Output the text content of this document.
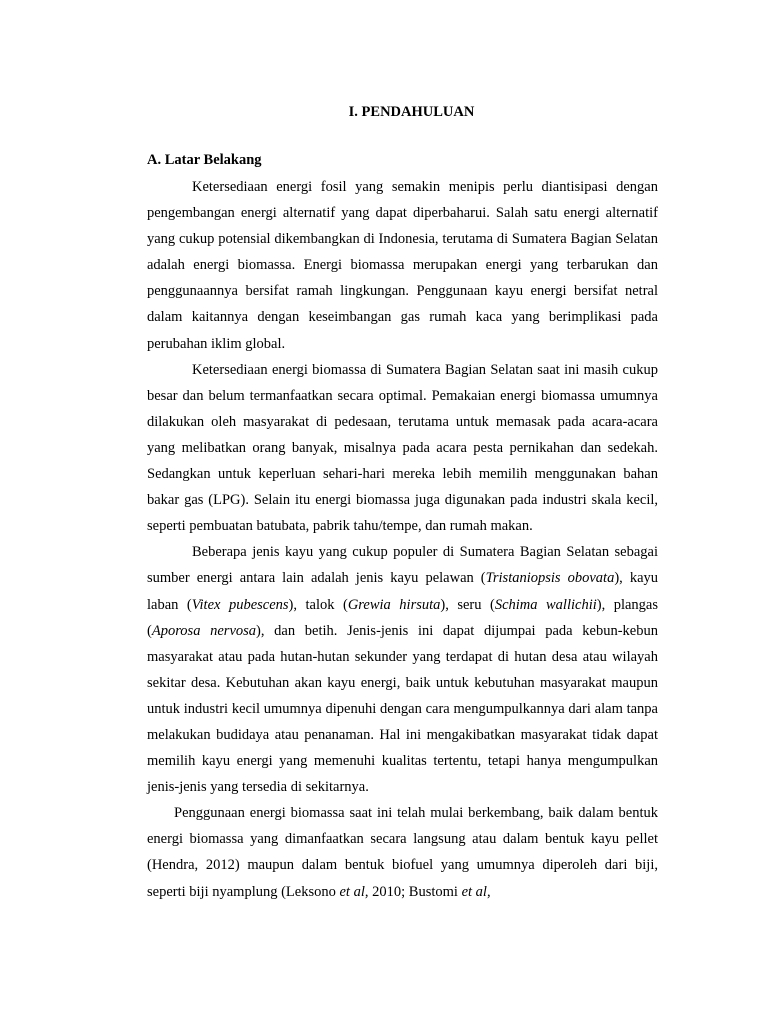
I. PENDAHULUAN
A. Latar Belakang

Ketersediaan energi fosil yang semakin menipis perlu diantisipasi dengan pengembangan energi alternatif yang dapat diperbaharui. Salah satu energi alternatif yang cukup potensial dikembangkan di Indonesia, terutama di Sumatera Bagian Selatan adalah energi biomassa. Energi biomassa merupakan energi yang terbarukan dan penggunaannya bersifat ramah lingkungan. Penggunaan kayu energi bersifat netral dalam kaitannya dengan keseimbangan gas rumah kaca yang berimplikasi pada perubahan iklim global.

Ketersediaan energi biomassa di Sumatera Bagian Selatan saat ini masih cukup besar dan belum termanfaatkan secara optimal. Pemakaian energi biomassa umumnya dilakukan oleh masyarakat di pedesaan, terutama untuk memasak pada acara-acara yang melibatkan orang banyak, misalnya pada acara pesta pernikahan dan sedekah. Sedangkan untuk keperluan sehari-hari mereka lebih memilih menggunakan bahan bakar gas (LPG). Selain itu energi biomassa juga digunakan pada industri skala kecil, seperti pembuatan batubata, pabrik tahu/tempe, dan rumah makan.

Beberapa jenis kayu yang cukup populer di Sumatera Bagian Selatan sebagai sumber energi antara lain adalah jenis kayu pelawan (Tristaniopsis obovata), kayu laban (Vitex pubescens), talok (Grewia hirsuta), seru (Schima wallichii), plangas (Aporosa nervosa), dan betih. Jenis-jenis ini dapat dijumpai pada kebun-kebun masyarakat atau pada hutan-hutan sekunder yang terdapat di hutan desa atau wilayah sekitar desa. Kebutuhan akan kayu energi, baik untuk kebutuhan masyarakat maupun untuk industri kecil umumnya dipenuhi dengan cara mengumpulkannya dari alam tanpa melakukan budidaya atau penanaman. Hal ini mengakibatkan masyarakat tidak dapat memilih kayu energi yang memenuhi kualitas tertentu, tetapi hanya mengumpulkan jenis-jenis yang tersedia di sekitarnya.

Penggunaan energi biomassa saat ini telah mulai berkembang, baik dalam bentuk energi biomassa yang dimanfaatkan secara langsung atau dalam bentuk kayu pellet (Hendra, 2012) maupun dalam bentuk biofuel yang umumnya diperoleh dari biji, seperti biji nyamplung (Leksono et al, 2010; Bustomi et al,
